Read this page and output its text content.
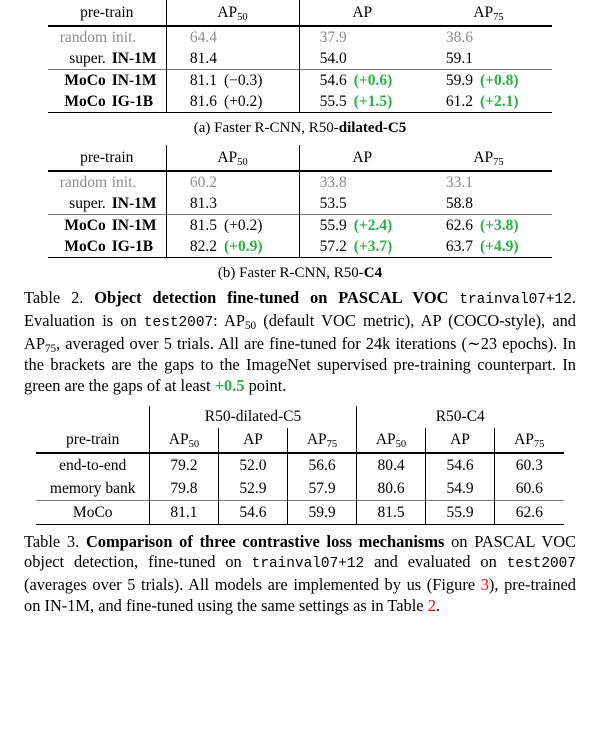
pre-train	$AP_{50}$	AP	$AP_{75}$
random init.	64.4	37.9	38.6

super. IN-1M	81.4	54.0	59.1

MoCo IN-1M	81.1 (−0.3)	54.6 (+0.6)	59.9 (+0.8)

MoCo IG-1B	81.6 (+0.2)	55.5 (+1.5)	61.2 (+2.1)

(a) Faster R-CNN, R50-dilated-C5

pre-train	$AP_{50}$	AP	$AP_{75}$
random init.	60.2	33.8	33.1

super. IN-1M	81.3	53.5	58.8

MoCo IN-1M	81.5 (+0.2)	55.9 (+2.4)	62.6 (+3.8)

MoCo IG-1B	82.2 (+0.9)	57.2 (+3.7)	63.7 (+4.9)

(b) Faster R-CNN, R50-C4

Table 2. Object detection fine-tuned on PASCAL VOC trainval07+12. Evaluation is on test2007: $AP_{50}$ (default VOC metric), AP (COCO-style), and $AP_{75}$, averaged over 5 trials. All are fine-tuned for 24k iterations (∼23 epochs). In the brackets are the gaps to the ImageNet supervised pre-training counterpart. In green are the gaps of at least +0.5 point.

	R50-dilated-C5			R50-C4		
pre-train	$AP_{50}$	AP	$AP_{75}$	$AP_{50}$	AP	$AP_{75}$
end-to-end	79.2	52.0	56.6	80.4	54.6	60.3
memory bank	79.8	52.9	57.9	80.6	54.9	60.6
MoCo	81.1	54.6	59.9	81.5	55.9	62.6

Table 3. Comparison of three contrastive loss mechanisms on PASCAL VOC object detection, fine-tuned on trainval07+12 and evaluated on test2007 (averages over 5 trials). All models are implemented by us (Figure 3), pre-trained on IN-1M, and fine-tuned using the same settings as in Table 2.
